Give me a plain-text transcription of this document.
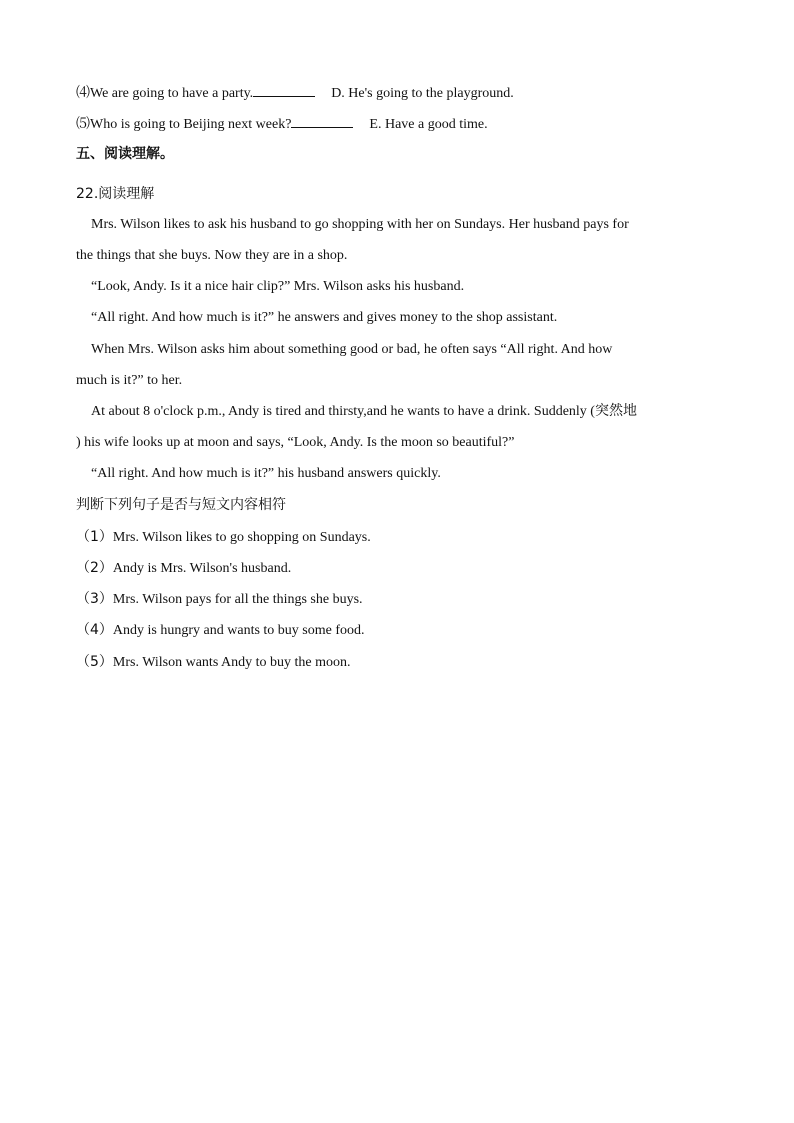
⑷We are going to have a party.	D. He's going to the playground.
⑸Who is going to Beijing next week?	E. Have a good time.
五、阅读理解。
22.阅读理解
Mrs. Wilson likes to ask his husband to go shopping with her on Sundays. Her husband pays for
the things that she buys. Now they are in a shop.
“Look, Andy. Is it a nice hair clip?” Mrs. Wilson asks his husband.
“All right. And how much is it?” he answers and gives money to the shop assistant.
When Mrs. Wilson asks him about something good or bad, he often says “All right. And how
much is it?” to her.
At about 8 o'clock p.m., Andy is tired and thirsty,and he wants to have a drink. Suddenly (突然地
) his wife looks up at moon and says, “Look, Andy. Is the moon so beautiful?”
“All right. And how much is it?” his husband answers quickly.
判断下列句子是否与短文内容相符
（1）Mrs. Wilson likes to go shopping on Sundays.
（2）Andy is Mrs. Wilson's husband.
（3）Mrs. Wilson pays for all the things she buys.
（4）Andy is hungry and wants to buy some food.
（5）Mrs. Wilson wants Andy to buy the moon.
